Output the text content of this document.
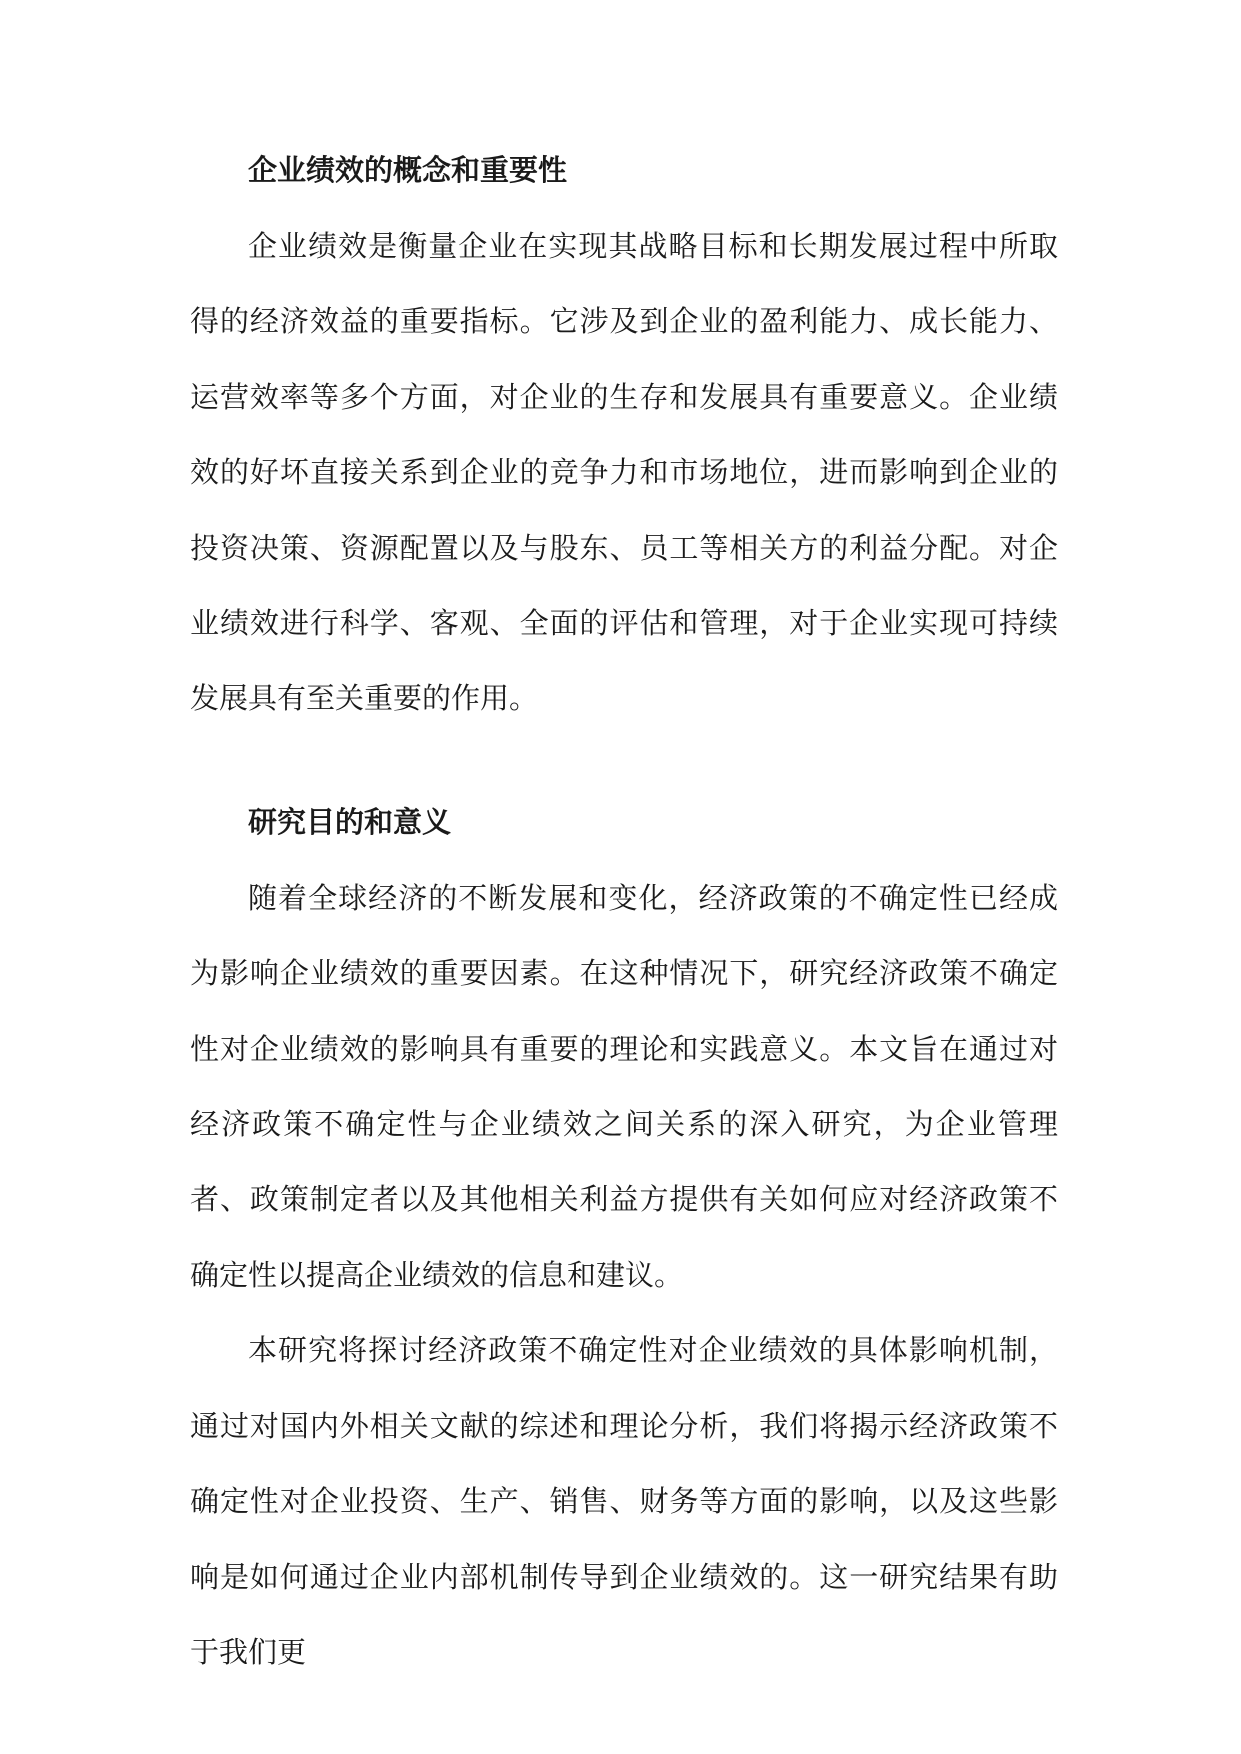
企业绩效的概念和重要性

企业绩效是衡量企业在实现其战略目标和长期发展过程中所取得的经济效益的重要指标。它涉及到企业的盈利能力、成长能力、运营效率等多个方面，对企业的生存和发展具有重要意义。企业绩效的好坏直接关系到企业的竞争力和市场地位，进而影响到企业的投资决策、资源配置以及与股东、员工等相关方的利益分配。对企业绩效进行科学、客观、全面的评估和管理，对于企业实现可持续发展具有至关重要的作用。

研究目的和意义

随着全球经济的不断发展和变化，经济政策的不确定性已经成为影响企业绩效的重要因素。在这种情况下，研究经济政策不确定性对企业绩效的影响具有重要的理论和实践意义。本文旨在通过对经济政策不确定性与企业绩效之间关系的深入研究，为企业管理者、政策制定者以及其他相关利益方提供有关如何应对经济政策不确定性以提高企业绩效的信息和建议。

本研究将探讨经济政策不确定性对企业绩效的具体影响机制，通过对国内外相关文献的综述和理论分析，我们将揭示经济政策不确定性对企业投资、生产、销售、财务等方面的影响，以及这些影响是如何通过企业内部机制传导到企业绩效的。这一研究结果有助于我们更
